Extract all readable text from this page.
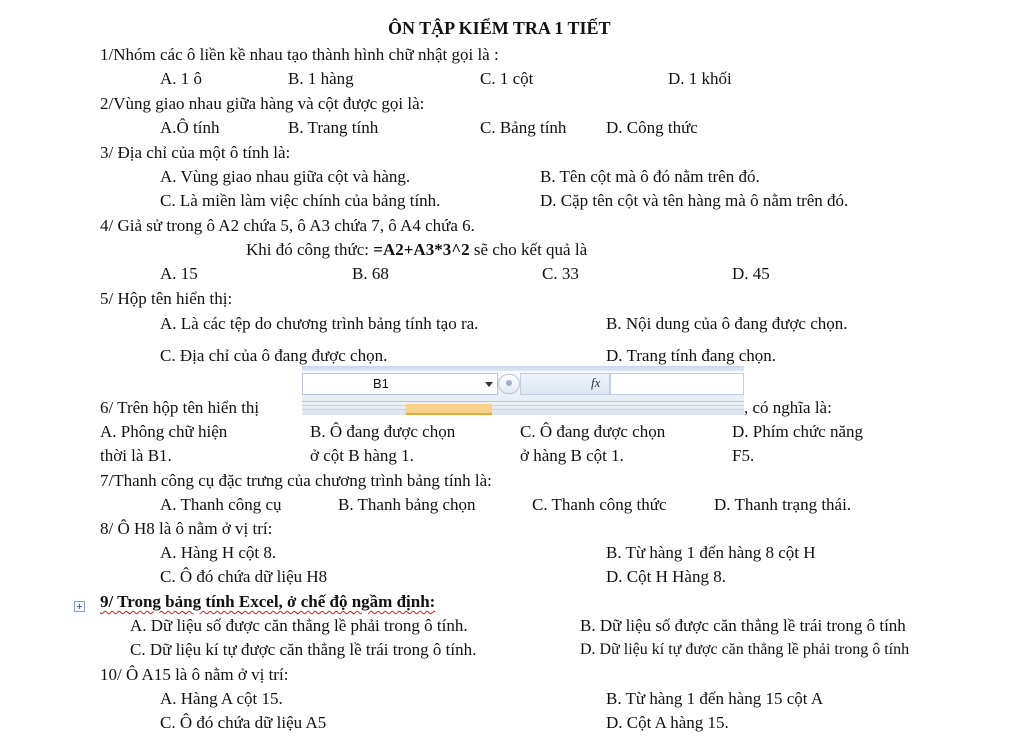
ÔN TẬP KIỂM TRA 1 TIẾT
1/Nhóm các ô liền kề nhau tạo thành hình chữ nhật gọi là :
A. 1 ô	B. 1 hàng	C. 1 cột	D. 1 khối
2/Vùng giao nhau giữa hàng và cột được gọi là:
A.Ô tính	B. Trang tính	C. Bảng tính D. Công thức
3/ Địa chỉ của một ô tính là:
A. Vùng giao nhau giữa cột và hàng.	B. Tên cột mà ô đó nằm trên đó.
C. Là miền làm việc chính của bảng tính.	D. Cặp tên cột và tên hàng mà ô nằm trên đó.
4/ Giả sử trong ô A2 chứa 5, ô A3 chứa 7, ô A4 chứa 6.
Khi đó công thức: =A2+A3*3^2 sẽ cho kết quả là
A. 15	B. 68	C. 33	D. 45
5/ Hộp tên hiển thị:
A. Là các tệp do chương trình bảng tính tạo ra.	B. Nội dung của ô đang được chọn.
C. Địa chỉ của ô đang được chọn.	D. Trang tính đang chọn.
6/ Trên hộp tên hiển thị
B1	fx
, có nghĩa là:
A. Phông chữ hiện
thời là B1.
B. Ô đang được chọn
ở cột B hàng 1.
C. Ô đang được chọn
ở hàng B cột 1.
D. Phím chức năng
F5.
7/Thanh công cụ đặc trưng của chương trình bảng tính là:
A. Thanh công cụ	B. Thanh bảng chọn	C. Thanh công thức	D. Thanh trạng thái.
8/ Ô H8 là ô nằm ở vị trí:
A. Hàng H cột 8.	B. Từ hàng 1 đến hàng 8 cột H
C. Ô đó chứa dữ liệu H8	D. Cột H Hàng 8.
9/ Trong bảng tính Excel, ở chế độ ngầm định:
A. Dữ liệu số được căn thẳng lề phải trong ô tính.	B. Dữ liệu số được căn thẳng lề trái trong ô tính
C. Dữ liệu kí tự được căn thẳng lề trái trong ô tính.	D. Dữ liệu kí tự được căn thẳng lề phải trong ô tính
10/ Ô A15 là ô nằm ở vị trí:
A. Hàng A cột 15.	B. Từ hàng 1 đến hàng 15 cột A
C. Ô đó chứa dữ liệu A5	D. Cột A hàng 15.
